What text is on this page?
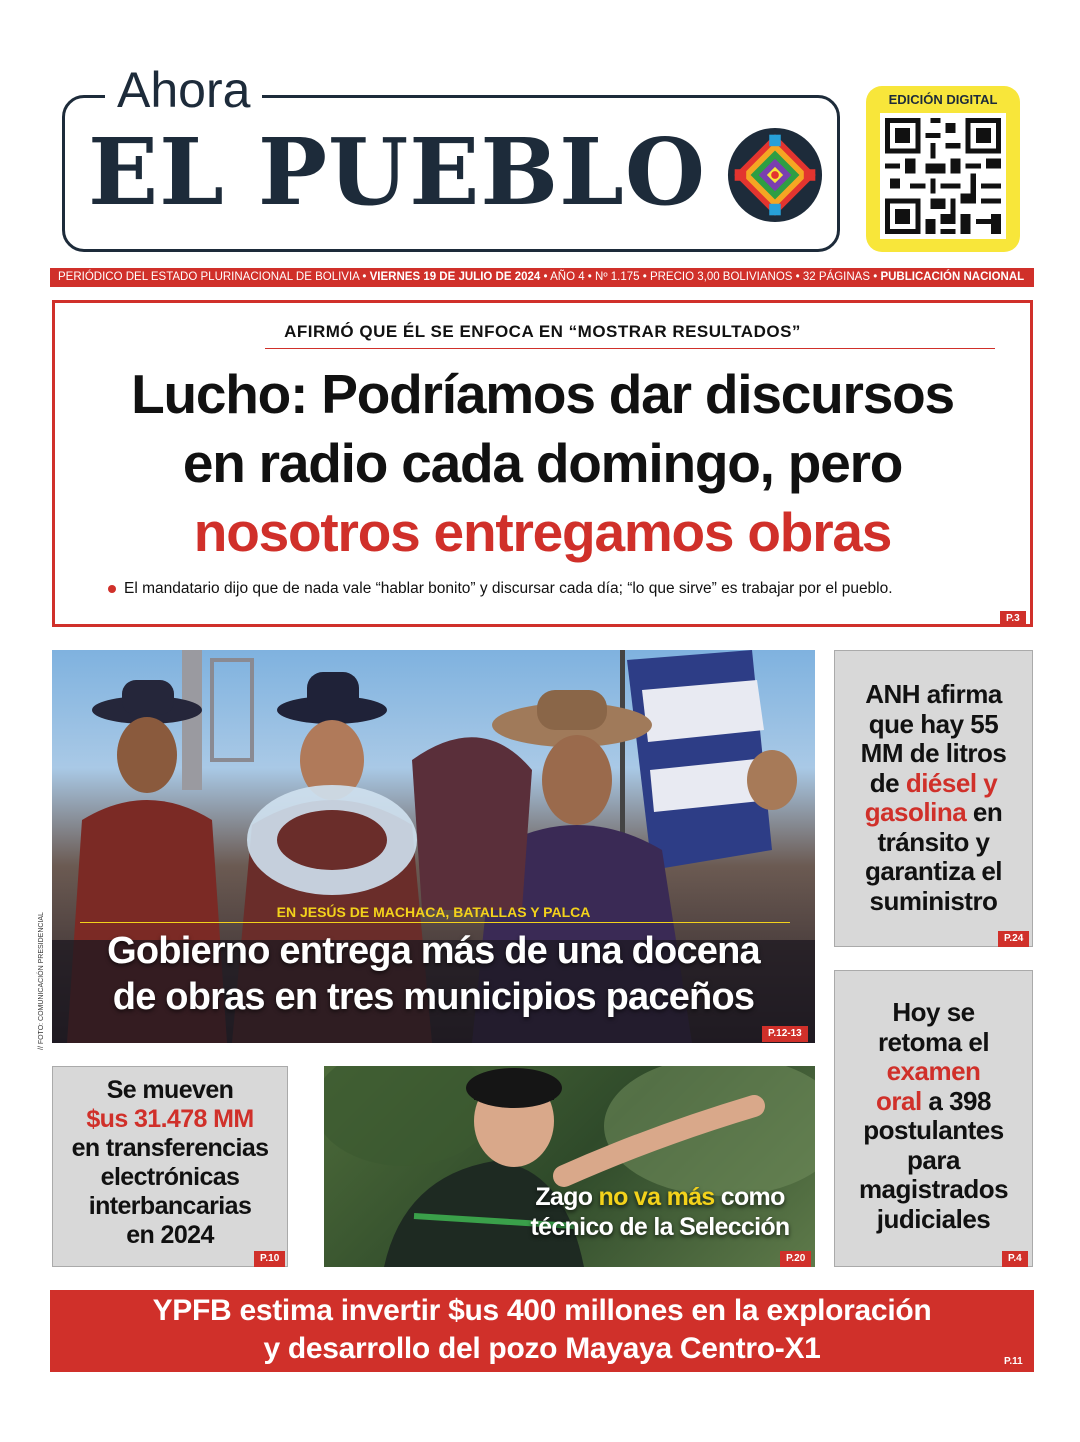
Ahora
EL PUEBLO
EDICIÓN DIGITAL
PERIÓDICO DEL ESTADO PLURINACIONAL DE BOLIVIA • VIERNES 19 DE JULIO DE 2024 • AÑO 4 • Nº 1.175 • PRECIO 3,00 BOLIVIANOS • 32 PÁGINAS • PUBLICACIÓN NACIONAL
AFIRMÓ QUE ÉL SE ENFOCA EN “MOSTRAR RESULTADOS”
Lucho: Podríamos dar discursos
en radio cada domingo, pero
nosotros entregamos obras
El mandatario dijo que de nada vale “hablar bonito” y discursar cada día; “lo que sirve” es trabajar por el pueblo.
P.3
EN JESÚS DE MACHACA, BATALLAS Y PALCA
Gobierno entrega más de una docena
de obras en tres municipios paceños
P.12-13
// FOTO: COMUNICACIÓN PRESIDENCIAL
ANH afirma
que hay 55
MM de litros
de diésel y
gasolina en
tránsito y
garantiza el
suministro
P.24
Hoy se
retoma el
examen
oral a 398
postulantes
para
magistrados
judiciales
P.4
Se mueven
$us 31.478 MM
en transferencias
electrónicas
interbancarias
en 2024
P.10
Zago no va más como
técnico de la Selección
P.20
YPFB estima invertir $us 400 millones en la exploración
y desarrollo del pozo Mayaya Centro-X1	P.11
